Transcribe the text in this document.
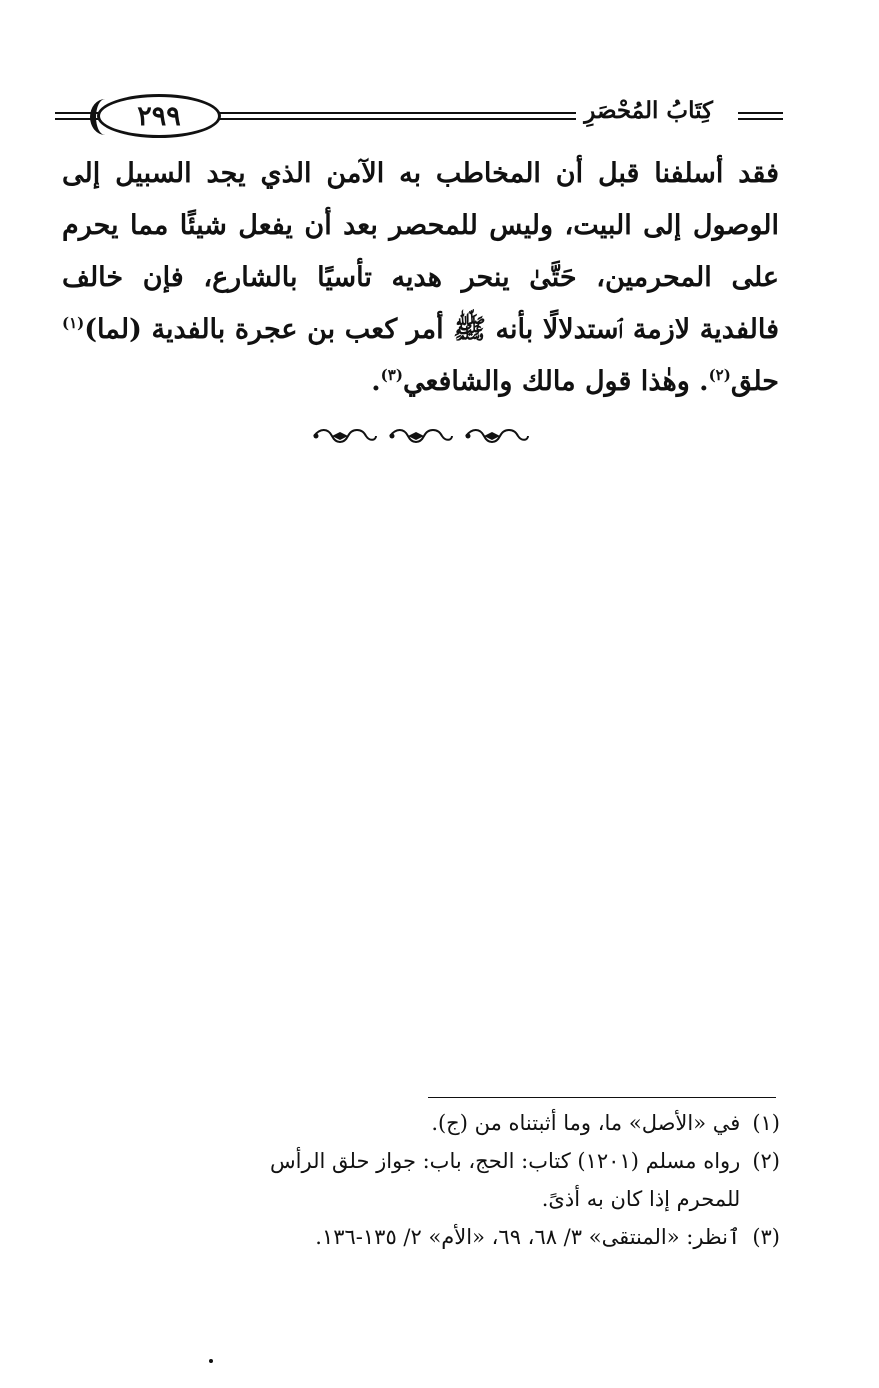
٢٩٩	كِتَابُ المُحْصَرِ

فقد أسلفنا قبل أن المخاطب به الآمن الذي يجد السبيل إلى الوصول إلى البيت، وليس للمحصر بعد أن يفعل شيئًا مما يحرم على المحرمين، حَتَّىٰ ينحر هديه تأسيًا بالشارع، فإن خالف فالفدية لازمة ٱستدلالًا بأنه ﷺ أمر كعب بن عجرة بالفدية (لما)$^{(١)}$ حلق$^{(٢)}$. وهٰذا قول مالك والشافعي$^{(٣)}$.

(١)
في «الأصل» ما، وما أثبتناه من (ج).
(٢)
رواه مسلم (١٢٠١) كتاب: الحج، باب: جواز حلق الرأس للمحرم إذا كان به أذىً.
(٣)
ٱنظر: «المنتقى» ٣/ ٦٨، ٦٩، «الأم» ٢/ ١٣٥-١٣٦.
